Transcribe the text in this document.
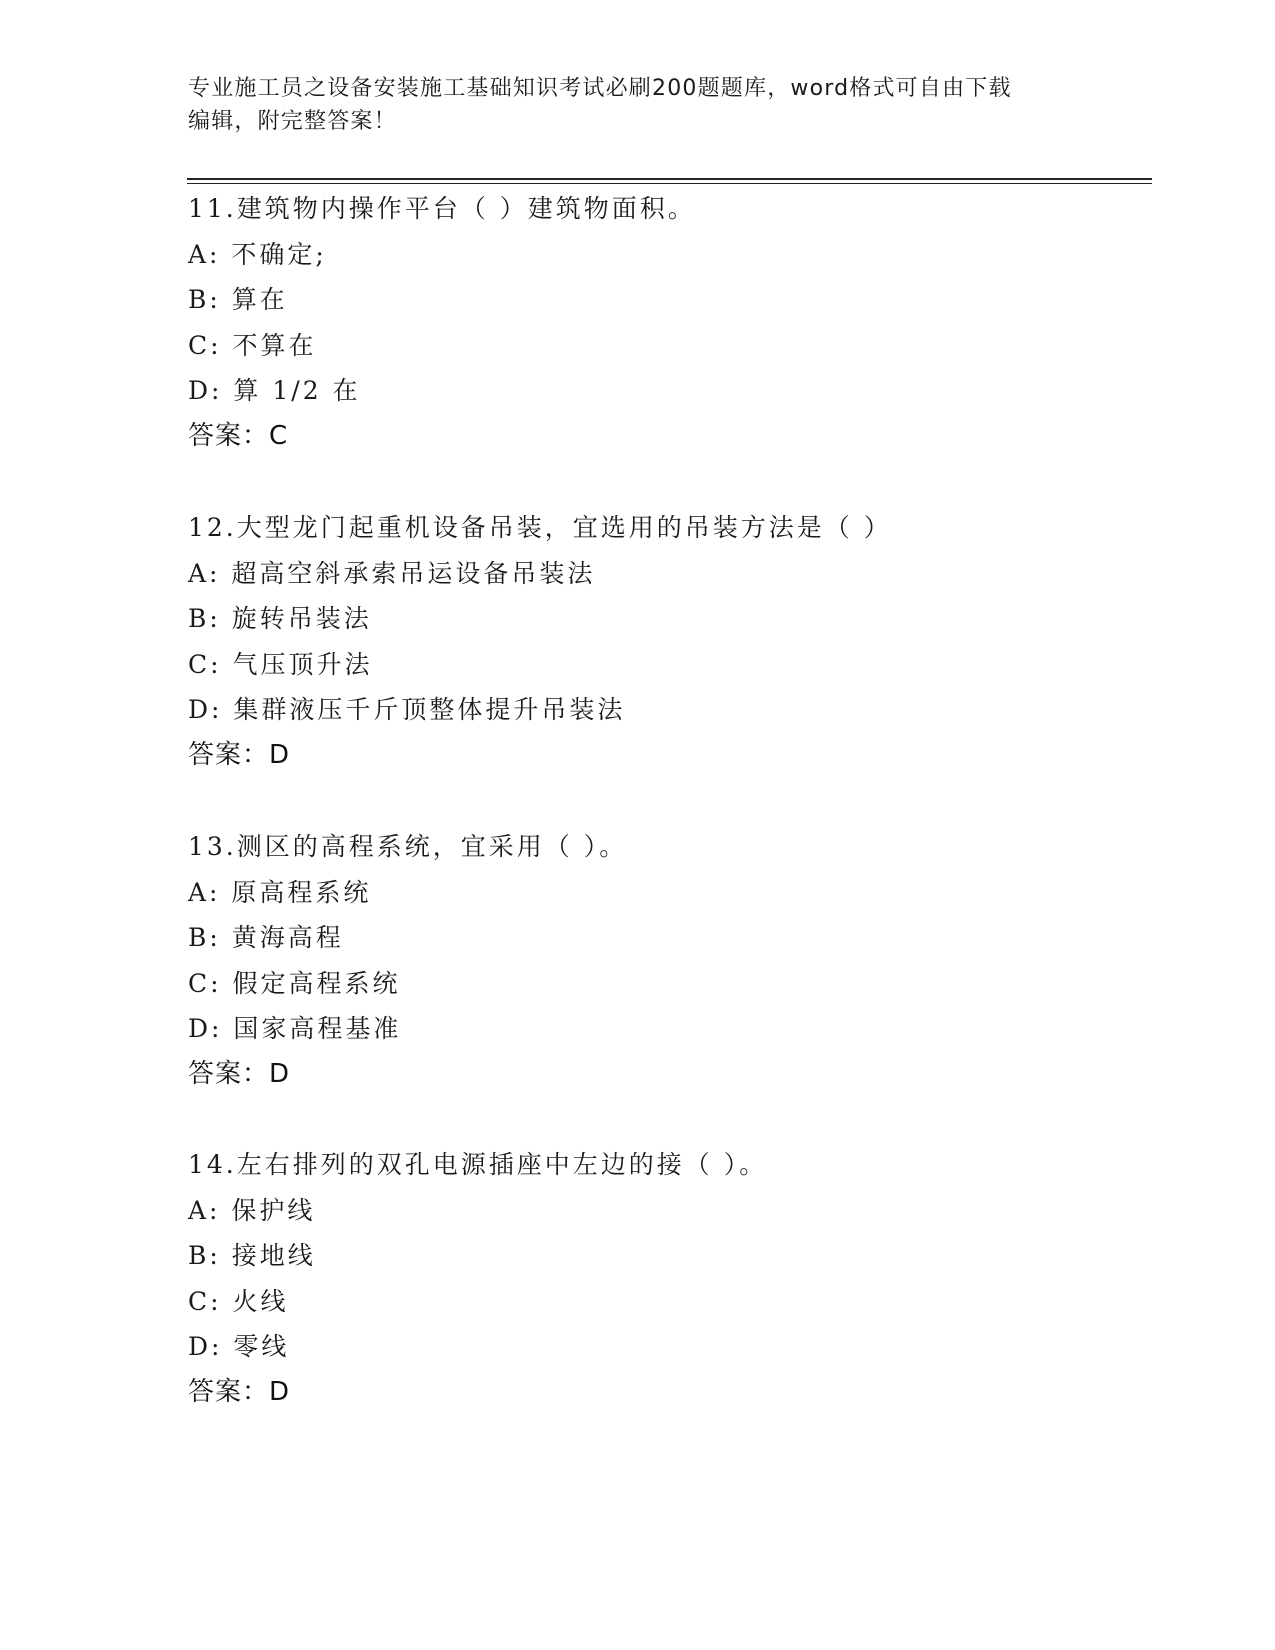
专业施工员之设备安装施工基础知识考试必刷200题题库，word格式可自由下载
编辑，附完整答案！
11.建筑物内操作平台（ ）建筑物面积。
A: 不确定;
B: 算在
C: 不算在
D: 算 1/2 在
答案：C
12.大型龙门起重机设备吊装，宜选用的吊装方法是（ ）
A: 超高空斜承索吊运设备吊装法
B: 旋转吊装法
C: 气压顶升法
D: 集群液压千斤顶整体提升吊装法
答案：D
13.测区的高程系统，宜采用（ ）。
A: 原高程系统
B: 黄海高程
C: 假定高程系统
D: 国家高程基准
答案：D
14.左右排列的双孔电源插座中左边的接（ ）。
A: 保护线
B: 接地线
C: 火线
D: 零线
答案：D
